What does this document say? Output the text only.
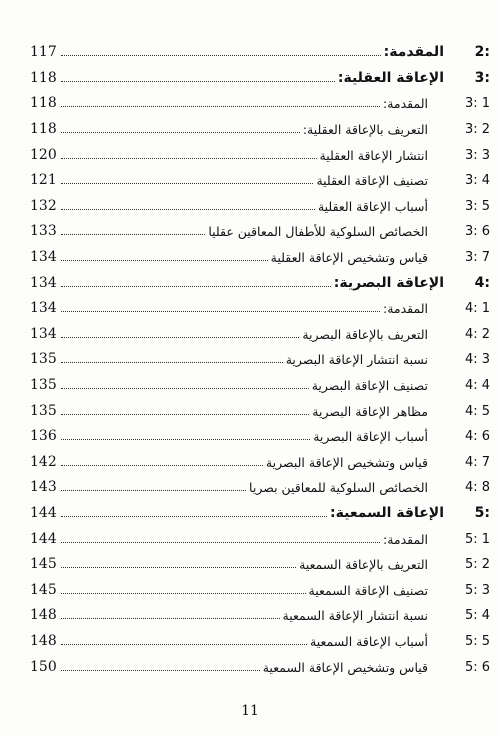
2:
المقدمة:
117
3:
الإعاقة العقلية:
118
3: 1
المقدمة:
118
3: 2
التعريف بالإعاقة العقلية:
118
3: 3
انتشار الإعاقة العقلية
120
3: 4
تصنيف الإعاقة العقلية
121
3: 5
أسباب الإعاقة العقلية
132
3: 6
الخصائص السلوكية للأطفال المعاقين عقليا
133
3: 7
قياس وتشخيص الإعاقة العقلية
134
4:
الإعاقة البصرية:
134
4: 1
المقدمة:
134
4: 2
التعريف بالإعاقة البصرية
134
4: 3
نسبة انتشار الإعاقة البصرية
135
4: 4
تصنيف الإعاقة البصرية
135
4: 5
مظاهر الإعاقة البصرية
135
4: 6
أسباب الإعاقة البصرية
136
4: 7
قياس وتشخيص الإعاقة البصرية
142
4: 8
الخصائص السلوكية للمعاقين بصريا
143
5:
الإعاقة السمعية:
144
5: 1
المقدمة:
144
5: 2
التعريف بالإعاقة السمعية
145
5: 3
تصنيف الإعاقة السمعية
145
5: 4
نسبة انتشار الإعاقة السمعية
148
5: 5
أسباب الإعاقة السمعية
148
5: 6
قياس وتشخيص الإعاقة السمعية
150
11
